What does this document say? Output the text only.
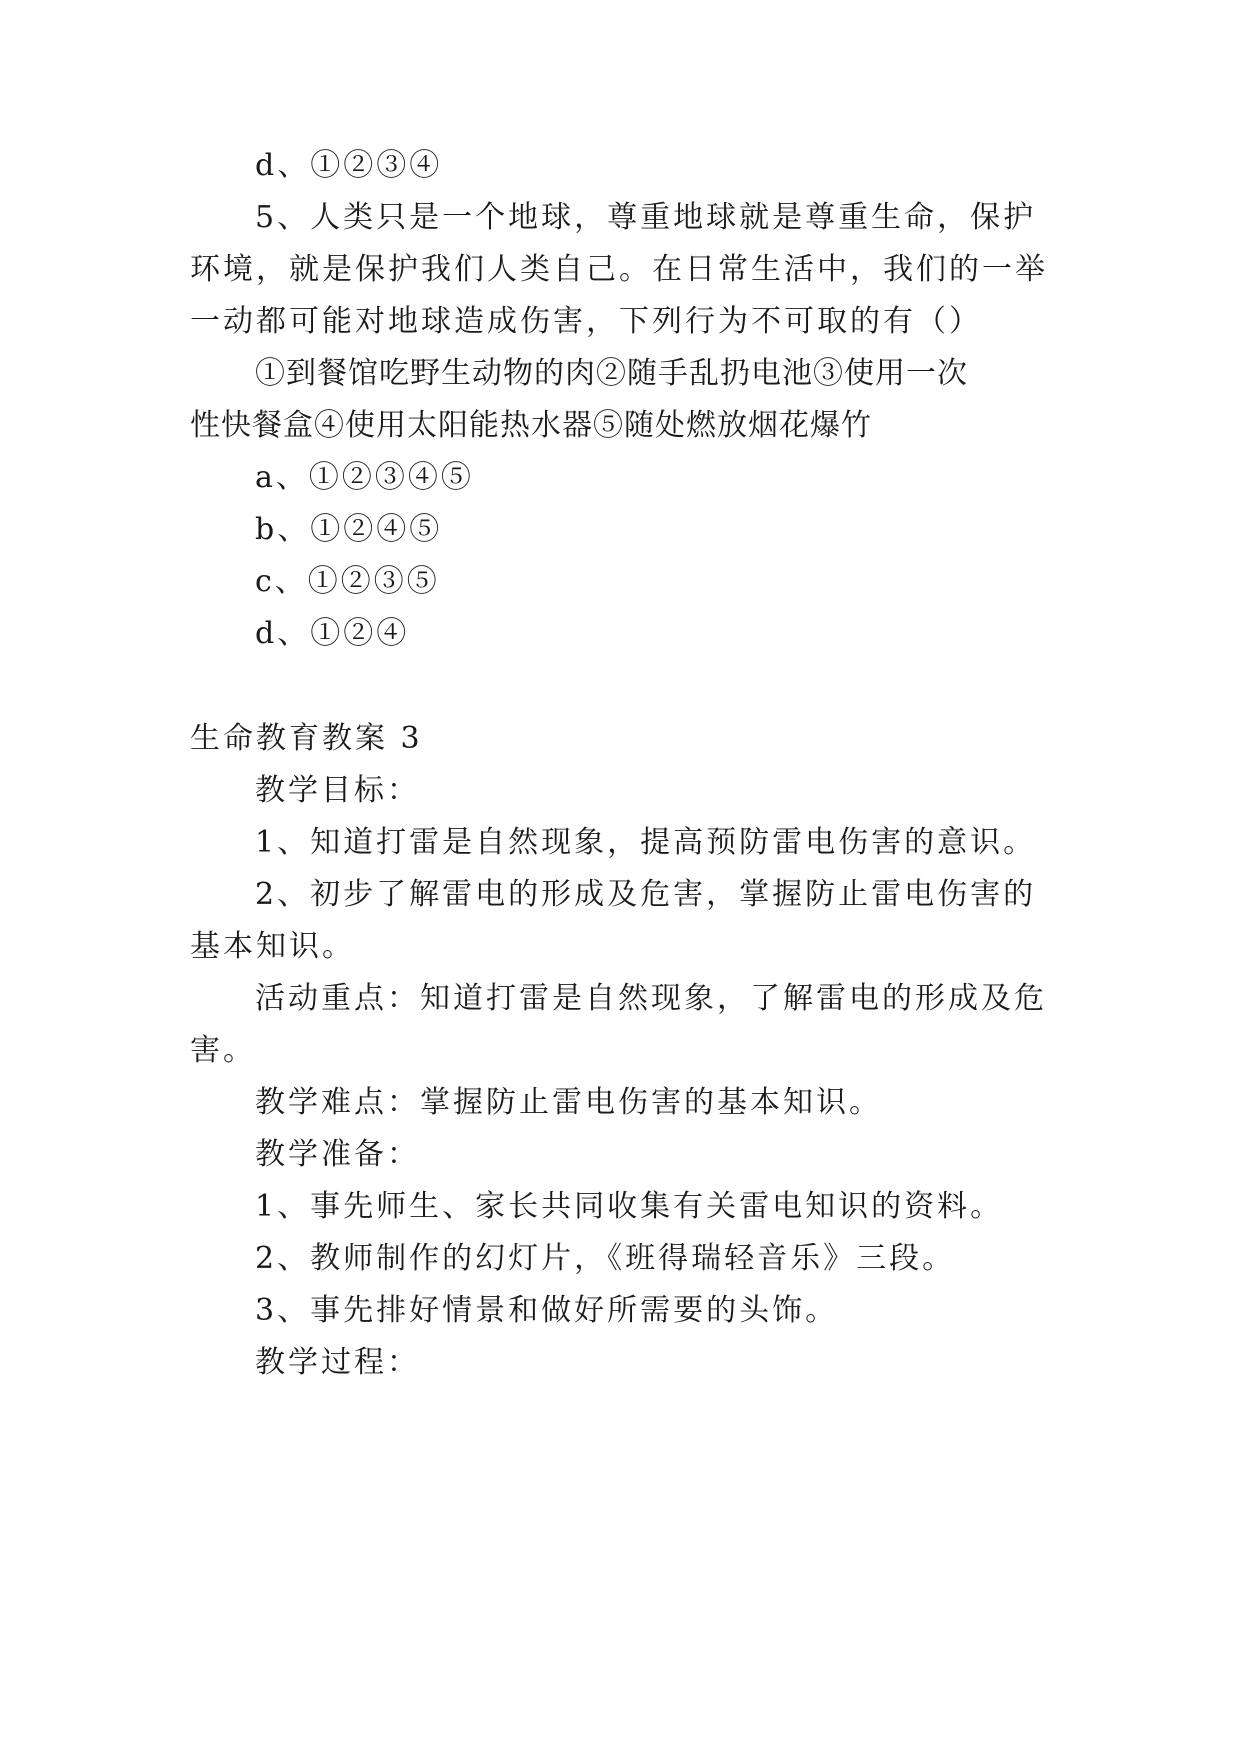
d、①②③④
5、人类只是一个地球，尊重地球就是尊重生命，保护
环境，就是保护我们人类自己。在日常生活中，我们的一举
一动都可能对地球造成伤害，下列行为不可取的有（）
①到餐馆吃野生动物的肉②随手乱扔电池③使用一次
性快餐盒④使用太阳能热水器⑤随处燃放烟花爆竹
a、①②③④⑤
b、①②④⑤
c、①②③⑤
d、①②④
生命教育教案 3
教学目标：
1、知道打雷是自然现象，提高预防雷电伤害的意识。
2、初步了解雷电的形成及危害，掌握防止雷电伤害的
基本知识。
活动重点：知道打雷是自然现象，了解雷电的形成及危
害。
教学难点：掌握防止雷电伤害的基本知识。
教学准备：
1、事先师生、家长共同收集有关雷电知识的资料。
2、教师制作的幻灯片，《班得瑞轻音乐》三段。
3、事先排好情景和做好所需要的头饰。
教学过程：
